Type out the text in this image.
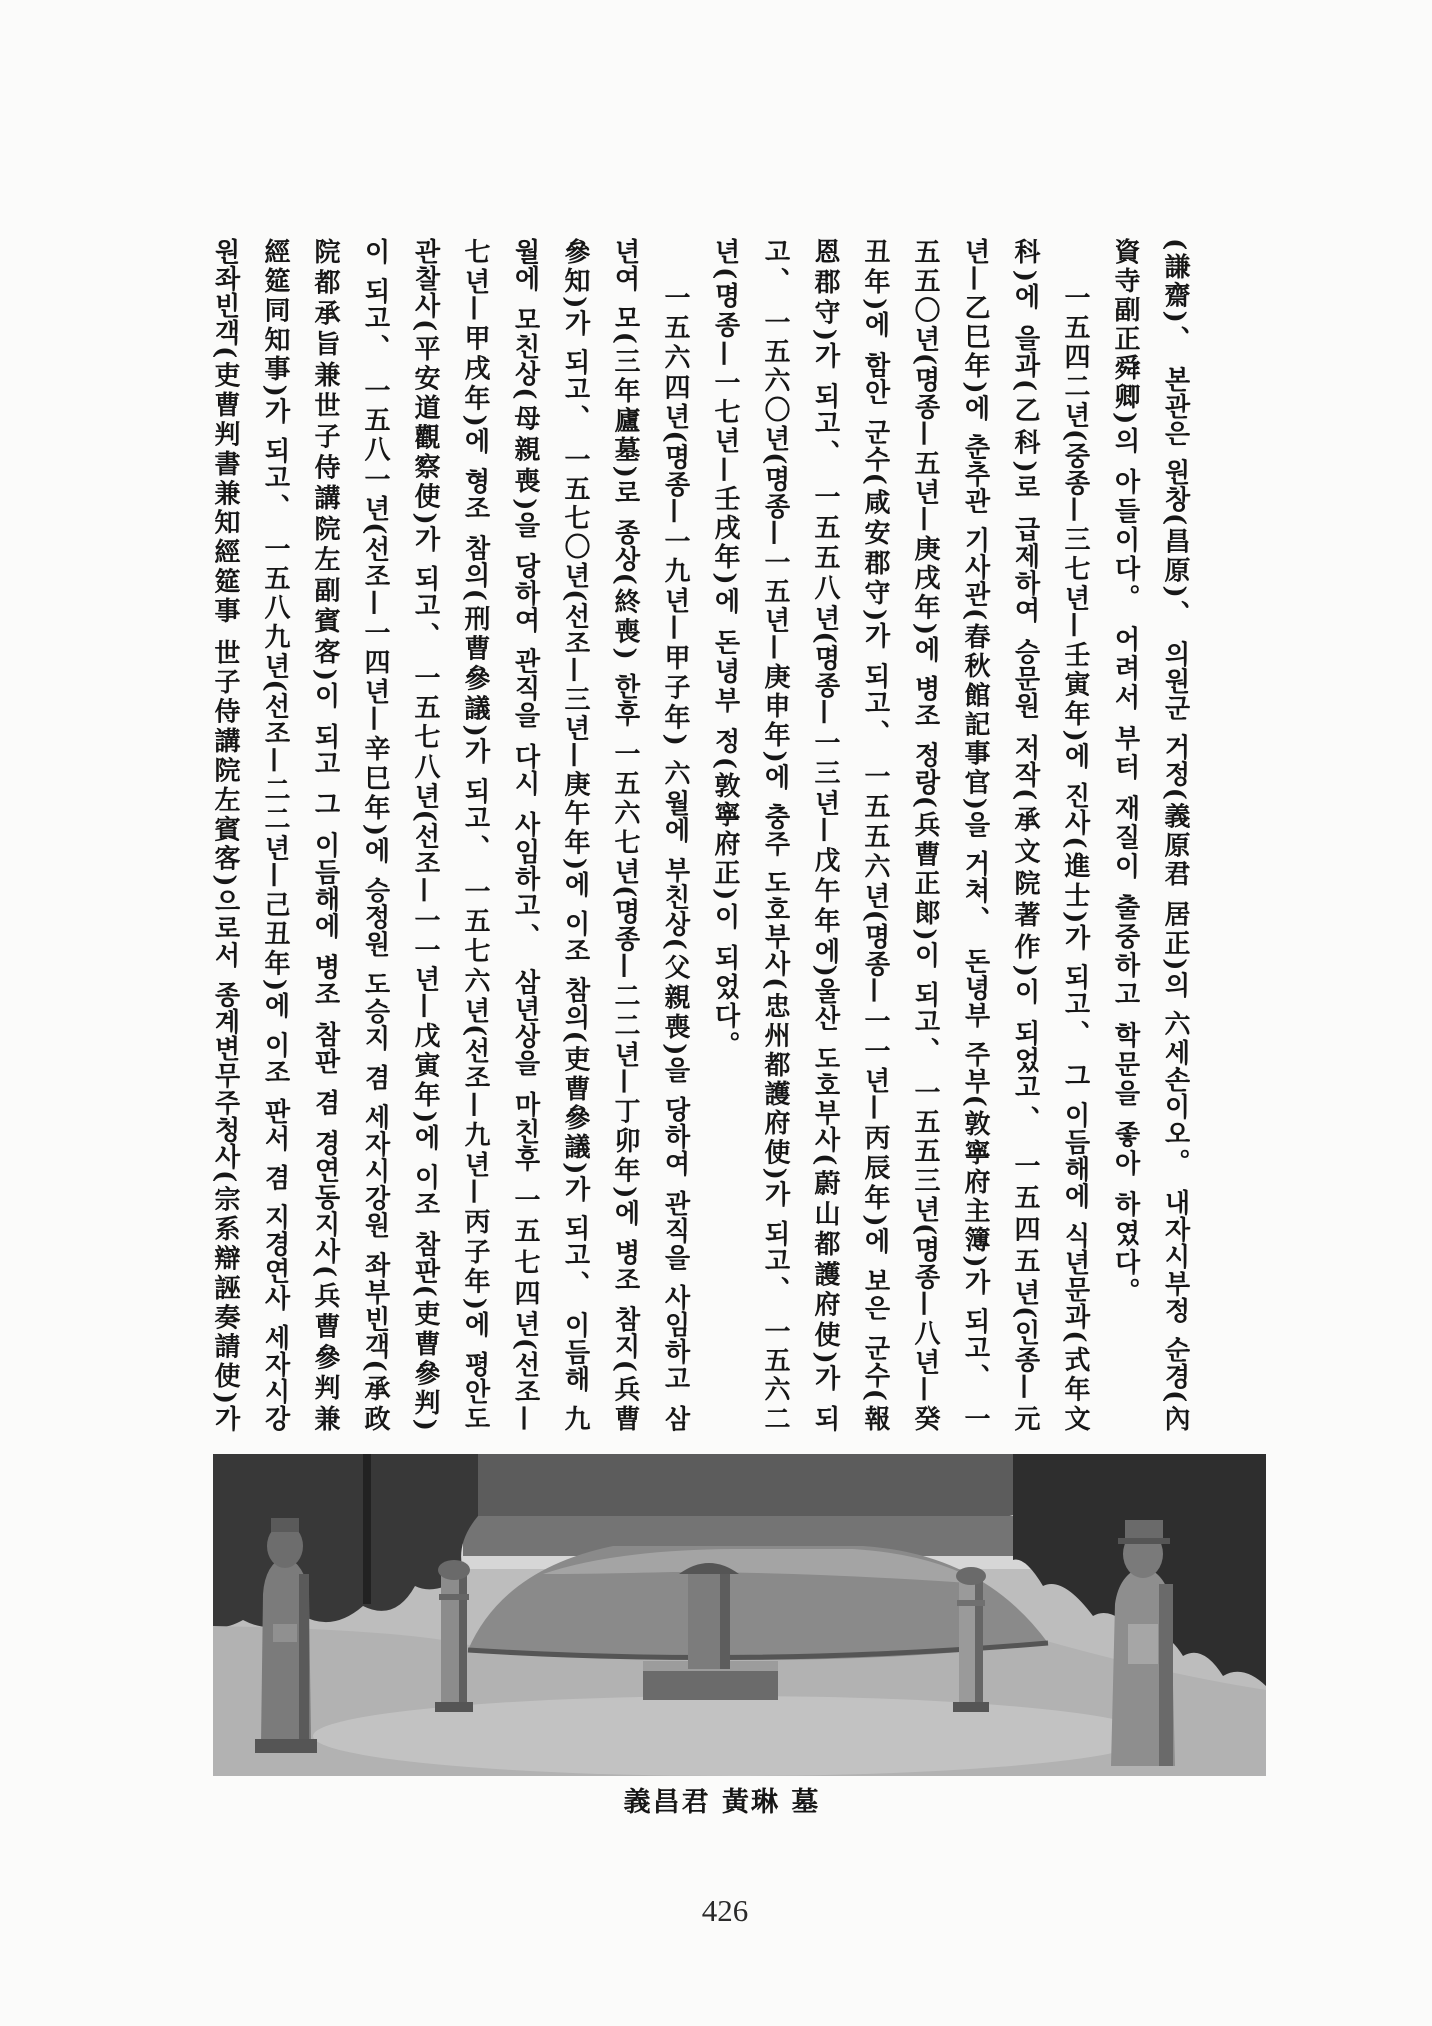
(謙齋)、 본관은 원창(昌原)、 의원군 거정(義原君 居正)의 六세손이오。 내자시부정 순경(內
資寺副正舜卿)의 아들이다。 어려서 부터 재질이 출중하고 학문을 좋아 하였다。
一五四二년(중종—三七년—壬寅年)에 진사(進士)가 되고、 그 이듬해에 식년문과(式年文
科)에 을과(乙科)로 급제하여 승문원 저작(承文院著作)이 되었고、 一五四五년(인종—元
년—乙巳年)에 춘추관 기사관(春秋館記事官)을 거쳐、 돈녕부 주부(敦寧府主簿)가 되고、 一
五五〇년(명종—五년—庚戌年)에 병조 정랑(兵曹正郞)이 되고、 一五五三년(명종—八년—癸
丑年)에 함안 군수(咸安郡守)가 되고、 一五五六년(명종—一一년—丙辰年)에 보은 군수(報
恩郡守)가 되고、 一五五八년(명종—一三년—戊午年에)울산 도호부사(蔚山都護府使)가 되
고、 一五六〇년(명종—一五년—庚申年)에 충주 도호부사(忠州都護府使)가 되고、 一五六二
년(명종—一七년—壬戌年)에 돈녕부 정(敦寧府正)이 되었다。
一五六四년(명종—一九년—甲子年) 六월에 부친상(父親喪)을 당하여 관직을 사임하고 삼
년여 모(三年廬墓)로 종상(終喪) 한후 一五六七년(명종—二二년—丁卯年)에 병조 참지(兵曹
參知)가 되고、 一五七〇년(선조—三년—庚午年)에 이조 참의(吏曹參議)가 되고、 이듬해 九
월에 모친상(母親喪)을 당하여 관직을 다시 사임하고、 삼년상을 마친후 一五七四년(선조—
七년—甲戌年)에 형조 참의(刑曹參議)가 되고、 一五七六년(선조—九년—丙子年)에 평안도
관찰사(平安道觀察使)가 되고、 一五七八년(선조—一一년—戊寅年)에 이조 참판(吏曹參判)
이 되고、 一五八一년(선조—一四년—辛巳年)에 승정원 도승지 겸 세자시강원 좌부빈객(承政
院都承旨兼世子侍講院左副賓客)이 되고 그 이듬해에 병조 참판 겸 경연동지사(兵曹參判兼
經筵同知事)가 되고、 一五八九년(선조—二二년—己丑年)에 이조 판서 겸 지경연사 세자시강
원좌빈객(吏曹判書兼知經筵事 世子侍講院左賓客)으로서 종계변무주청사(宗系辯誣奏請使)가
義昌君 黃琳 墓
426
